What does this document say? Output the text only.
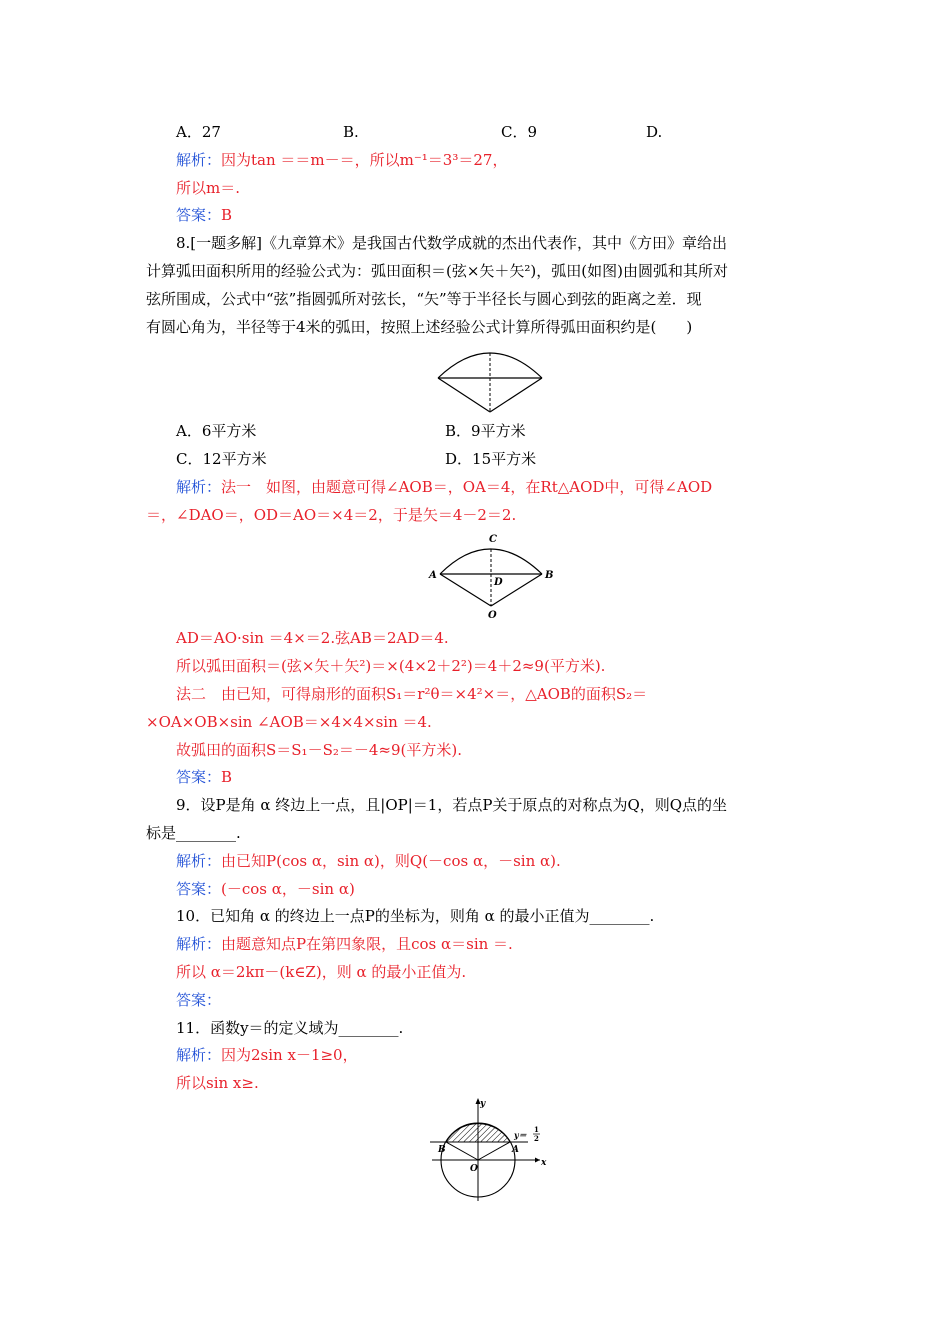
A．27	B.	C．9	D.
解析：因为tan ＝＝m－＝，所以m⁻¹＝3³＝27，
所以m＝.
答案：B
8.[一题多解]《九章算术》是我国古代数学成就的杰出代表作，其中《方田》章给出
计算弧田面积所用的经验公式为：弧田面积＝(弦×矢＋矢²)，弧田(如图)由圆弧和其所对
弦所围成，公式中“弦”指圆弧所对弦长，“矢”等于半径长与圆心到弦的距离之差．现
有圆心角为，半径等于4米的弧田，按照上述经验公式计算所得弧田面积约是(　　)
A．6平方米	B．9平方米
C．12平方米	D．15平方米
解析：法一　如图，由题意可得∠AOB＝，OA＝4，在Rt△AOD中，可得∠AOD
＝，∠DAO＝，OD＝AO＝×4＝2，于是矢＝4－2＝2.
C
A
D
B
O
AD＝AO·sin ＝4×＝2.弦AB＝2AD＝4.
所以弧田面积＝(弦×矢＋矢²)＝×(4×2＋2²)＝4＋2≈9(平方米).
法二　由已知，可得扇形的面积S₁＝r²θ＝×4²×＝，△AOB的面积S₂＝
×OA×OB×sin ∠AOB＝×4×4×sin ＝4.
故弧田的面积S＝S₁－S₂＝－4≈9(平方米).
答案：B
9．设P是角 α 终边上一点，且|OP|＝1，若点P关于原点的对称点为Q，则Q点的坐
标是________.
解析：由已知P(cos α，sin α)，则Q(－cos α，－sin α).
答案：(－cos α，－sin α)
10．已知角 α 的终边上一点P的坐标为，则角 α 的最小正值为________.
解析：由题意知点P在第四象限，且cos α＝sin ＝.
所以 α＝2kπ－(k∈Z)，则 α 的最小正值为.
答案：
11．函数y＝的定义域为________.
解析：因为2sin x－1≥0，
所以sin x≥.
y
y＝
1
2
B	A
O
x
